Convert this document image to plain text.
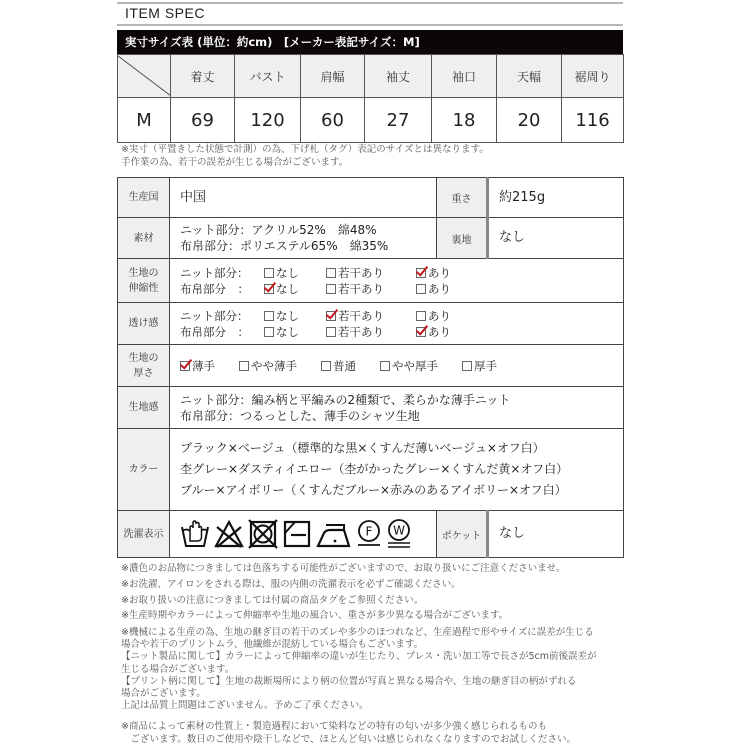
ITEM SPEC
実寸サイズ表 (単位：約cm)　[メーカー表記サイズ：M]
	着丈	バスト	肩幅	袖丈	袖口	天幅	裾周り
M	69	120	60	27	18	20	116
※実寸（平置きした状態で計測）の為、下げ札（タグ）表記のサイズとは異なります。
手作業の為、若干の誤差が生じる場合がございます。
生産国	中国	重さ	約215g
素材	ニット部分：アクリル52%　綿48%
布帛部分：ポリエステル65%　綿35%	裏地	なし

生地の
伸縮性

ニット部分：	なし	若干あり	あり
布帛部分　：	なし	若干あり	あり

透け感	
ニット部分：	なし	若干あり	あり
布帛部分　：	なし	若干あり	あり

生地の
厚さ

薄手	やや薄手	普通	やや厚手	厚手

生地感	ニット部分：編み柄と平編みの2種類で、柔らかな薄手ニット
布帛部分：つるっとした、薄手のシャツ生地		

カラー	ブラック×ベージュ（標準的な黒×くすんだ薄いベージュ×オフ白）
杢グレー×ダスティイエロー（杢がかったグレー×くすんだ黄×オフ白）
ブルー×アイボリー（くすんだブルー×赤みのあるアイボリー×オフ白）		

洗濯表示	F W	ポケット	なし

※濃色のお品物につきましては色落ちする可能性がございますので、お取り扱いにご注意くださいませ。

※お洗濯、アイロンをされる際は、服の内側の洗濯表示を必ずご確認ください。

※お取り扱いの注意につきましては付属の商品タグをご参照ください。

※生産時期やカラーによって伸縮率や生地の風合い、重さが多少異なる場合がございます。

※機械による生産の為、生地の継ぎ目の若干のズレや多少のほつれなど、生産過程で形やサイズに誤差が生じる

場合や若干のプリントムラ、他繊維が混紡している場合もございます。

【ニット製品に関して】カラーによって伸縮率の違いが生じたり、プレス・洗い加工等で長さが5cm前後誤差が

生じる場合がございます。

【プリント柄に関して】生地の裁断場所により柄の位置が写真と異なる場合や、生地の継ぎ目の柄がずれる

場合がございます。

上記は品質上問題はございません。予めご了承ください。

※商品によって素材の性質上・製造過程において染料などの特有の匂いが多少強く感じられるものも

　ございます。数日のご使用や陰干しなどで、ほとんど匂いは感じられなくなりますのでお試しください。
